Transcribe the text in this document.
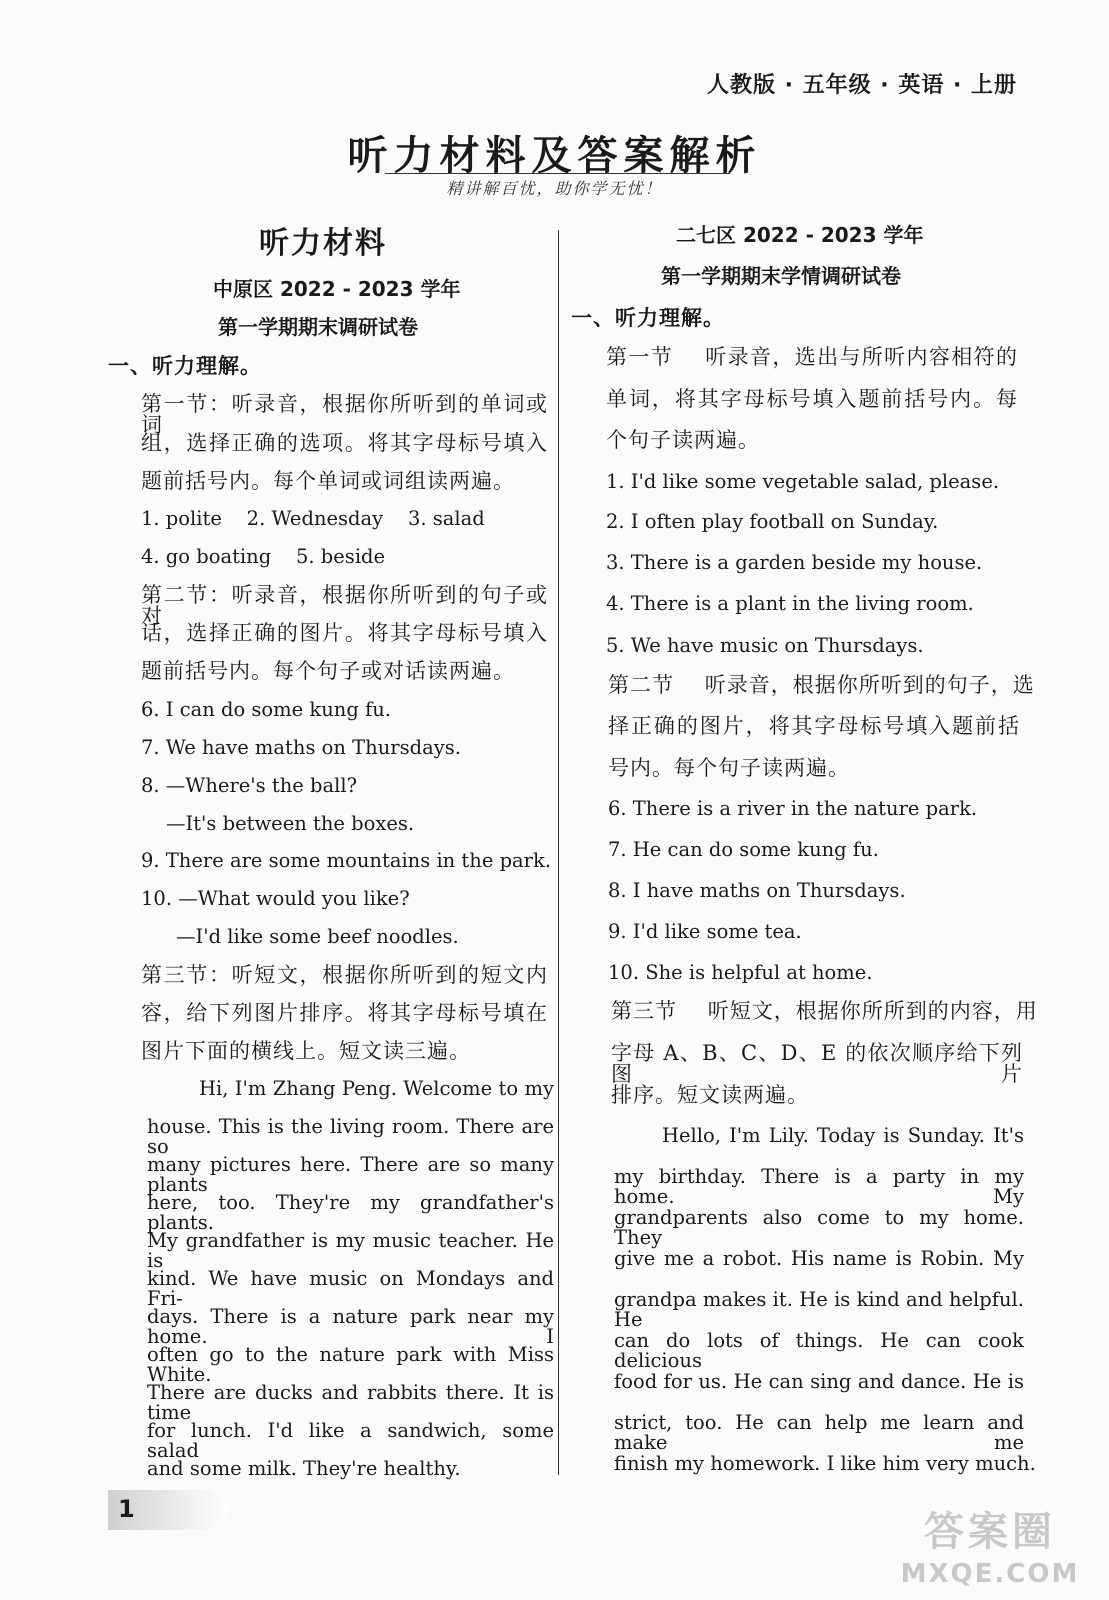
人教版 · 五年级 · 英语 · 上册
听力材料及答案解析
精讲解百忧，助你学无忧！
听力材料
中原区 2022 - 2023 学年
第一学期期末调研试卷
一、听力理解。
第一节：听录音，根据你所听到的单词或词
组，选择正确的选项。将其字母标号填入
题前括号内。每个单词或词组读两遍。
1. polite    2. Wednesday    3. salad
4. go boating    5. beside
第二节：听录音，根据你所听到的句子或对
话，选择正确的图片。将其字母标号填入
题前括号内。每个句子或对话读两遍。
6. I can do some kung fu.
7. We have maths on Thursdays.
8. —Where's the ball?
—It's between the boxes.
9. There are some mountains in the park.
10. —What would you like?
—I'd like some beef noodles.
第三节：听短文，根据你所听到的短文内
容，给下列图片排序。将其字母标号填在
图片下面的横线上。短文读三遍。
Hi, I'm Zhang Peng. Welcome to my
house. This is the living room. There are so
many pictures here. There are so many plants
here, too. They're my grandfather's plants.
My grandfather is my music teacher. He is
kind. We have music on Mondays and Fri-
days. There is a nature park near my home. I
often go to the nature park with Miss White.
There are ducks and rabbits there. It is time
for lunch. I'd like a sandwich, some salad
and some milk. They're healthy.
二七区 2022 - 2023 学年
第一学期期末学情调研试卷
一、听力理解。
第一节    听录音，选出与所听内容相符的
单词，将其字母标号填入题前括号内。每
个句子读两遍。
1. I'd like some vegetable salad, please.
2. I often play football on Sunday.
3. There is a garden beside my house.
4. There is a plant in the living room.
5. We have music on Thursdays.
第二节    听录音，根据你所听到的句子，选
择正确的图片，将其字母标号填入题前括
号内。每个句子读两遍。
6. There is a river in the nature park.
7. He can do some kung fu.
8. I have maths on Thursdays.
9. I'd like some tea.
10. She is helpful at home.
第三节    听短文，根据你所所到的内容，用
字母 A、B、C、D、E 的依次顺序给下列图片
排序。短文读两遍。
Hello, I'm Lily. Today is Sunday. It's
my birthday. There is a party in my home. My
grandparents also come to my home. They
give me a robot. His name is Robin. My
grandpa makes it. He is kind and helpful. He
can do lots of things. He can cook delicious
food for us. He can sing and dance. He is
strict, too. He can help me learn and make me
finish my homework. I like him very much.
1	答案圈
MXQE.COM
